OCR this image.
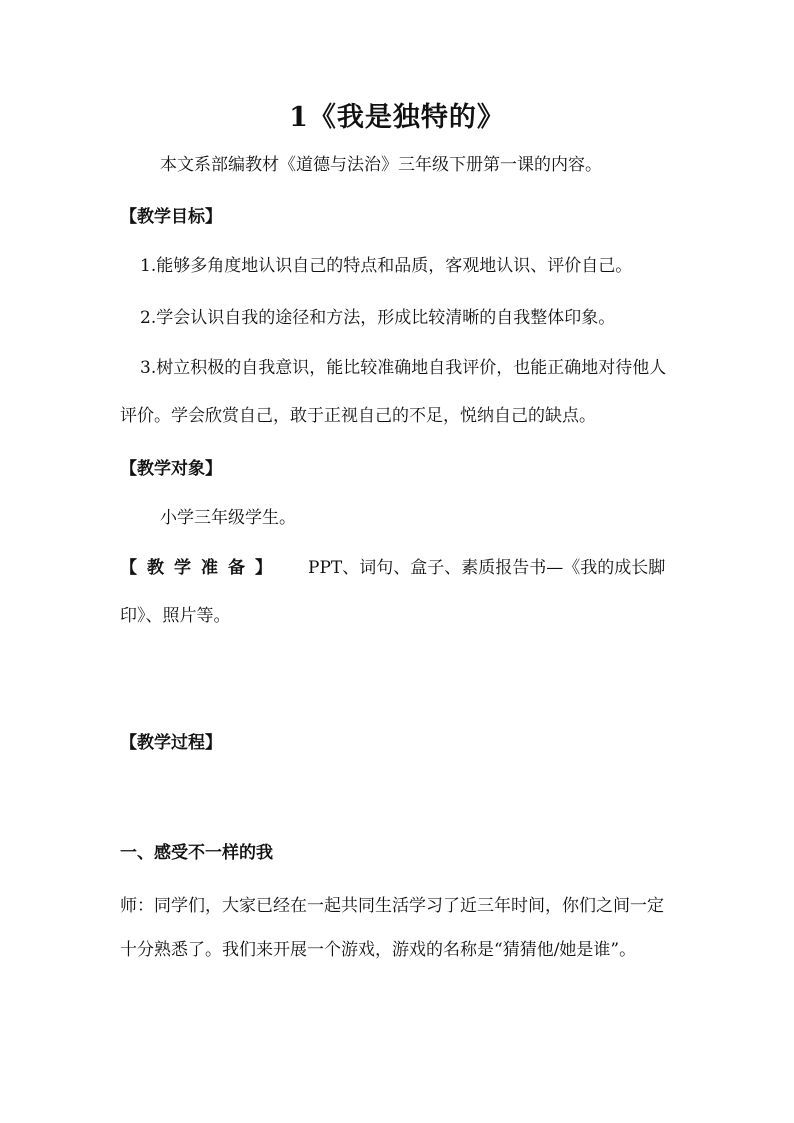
1《我是独特的》

本文系部编教材《道德与法治》三年级下册第一课的内容。

【教学目标】

1.能够多角度地认识自己的特点和品质，客观地认识、评价自己。

2.学会认识自我的途径和方法，形成比较清晰的自我整体印象。

3.树立积极的自我意识，能比较准确地自我评价，也能正确地对待他人评价。学会欣赏自己，敢于正视自己的不足，悦纳自己的缺点。

【教学对象】

小学三年级学生。

【教学准备】 PPT、词句、盒子、素质报告书—《我的成长脚印》、照片等。

【教学过程】

一、感受不一样的我

师：同学们，大家已经在一起共同生活学习了近三年时间，你们之间一定十分熟悉了。我们来开展一个游戏，游戏的名称是“猜猜他/她是谁”。
